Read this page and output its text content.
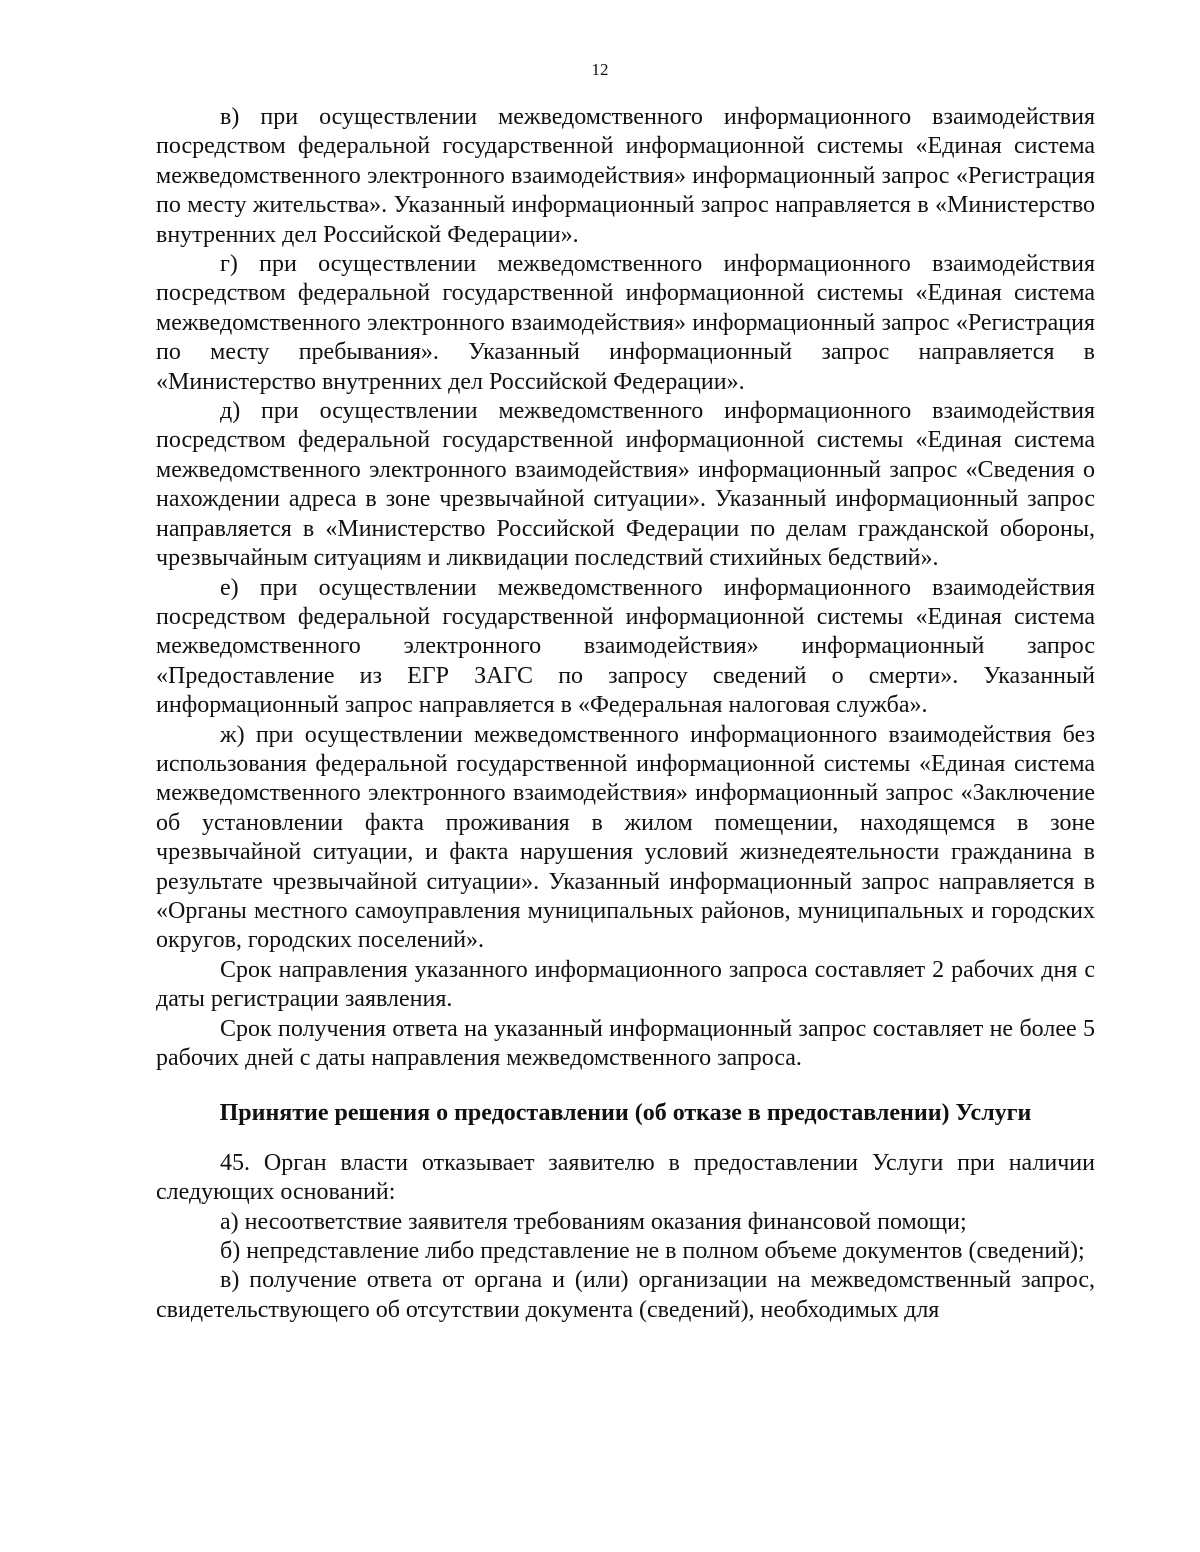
12

в) при осуществлении межведомственного информационного взаимодействия посредством федеральной государственной информационной системы «Единая система межведомственного электронного взаимодействия» информационный запрос «Регистрация по месту жительства». Указанный информационный запрос направляется в «Министерство внутренних дел Российской Федерации».

г) при осуществлении межведомственного информационного взаимодействия посредством федеральной государственной информационной системы «Единая система межведомственного электронного взаимодействия» информационный запрос «Регистрация по месту пребывания». Указанный информационный запрос направляется в «Министерство внутренних дел Российской Федерации».

д) при осуществлении межведомственного информационного взаимодействия посредством федеральной государственной информационной системы «Единая система межведомственного электронного взаимодействия» информационный запрос «Сведения о нахождении адреса в зоне чрезвычайной ситуации». Указанный информационный запрос направляется в «Министерство Российской Федерации по делам гражданской обороны, чрезвычайным ситуациям и ликвидации последствий стихийных бедствий».

е) при осуществлении межведомственного информационного взаимодействия посредством федеральной государственной информационной системы «Единая система межведомственного электронного взаимодействия» информационный запрос «Предоставление из ЕГР ЗАГС по запросу сведений о смерти». Указанный информационный запрос направляется в «Федеральная налоговая служба».

ж) при осуществлении межведомственного информационного взаимодействия без использования федеральной государственной информационной системы «Единая система межведомственного электронного взаимодействия» информационный запрос «Заключение об установлении факта проживания в жилом помещении, находящемся в зоне чрезвычайной ситуации, и факта нарушения условий жизнедеятельности гражданина в результате чрезвычайной ситуации». Указанный информационный запрос направляется в «Органы местного самоуправления муниципальных районов, муниципальных и городских округов, городских поселений».

Срок направления указанного информационного запроса составляет 2 рабочих дня с даты регистрации заявления.

Срок получения ответа на указанный информационный запрос составляет не более 5 рабочих дней с даты направления межведомственного запроса.

Принятие решения о предоставлении (об отказе в предоставлении) Услуги

45. Орган власти отказывает заявителю в предоставлении Услуги при наличии следующих оснований:

а) несоответствие заявителя требованиям оказания финансовой помощи;

б) непредставление либо представление не в полном объеме документов (сведений);

в) получение ответа от органа и (или) организации на межведомственный запрос, свидетельствующего об отсутствии документа (сведений), необходимых для
